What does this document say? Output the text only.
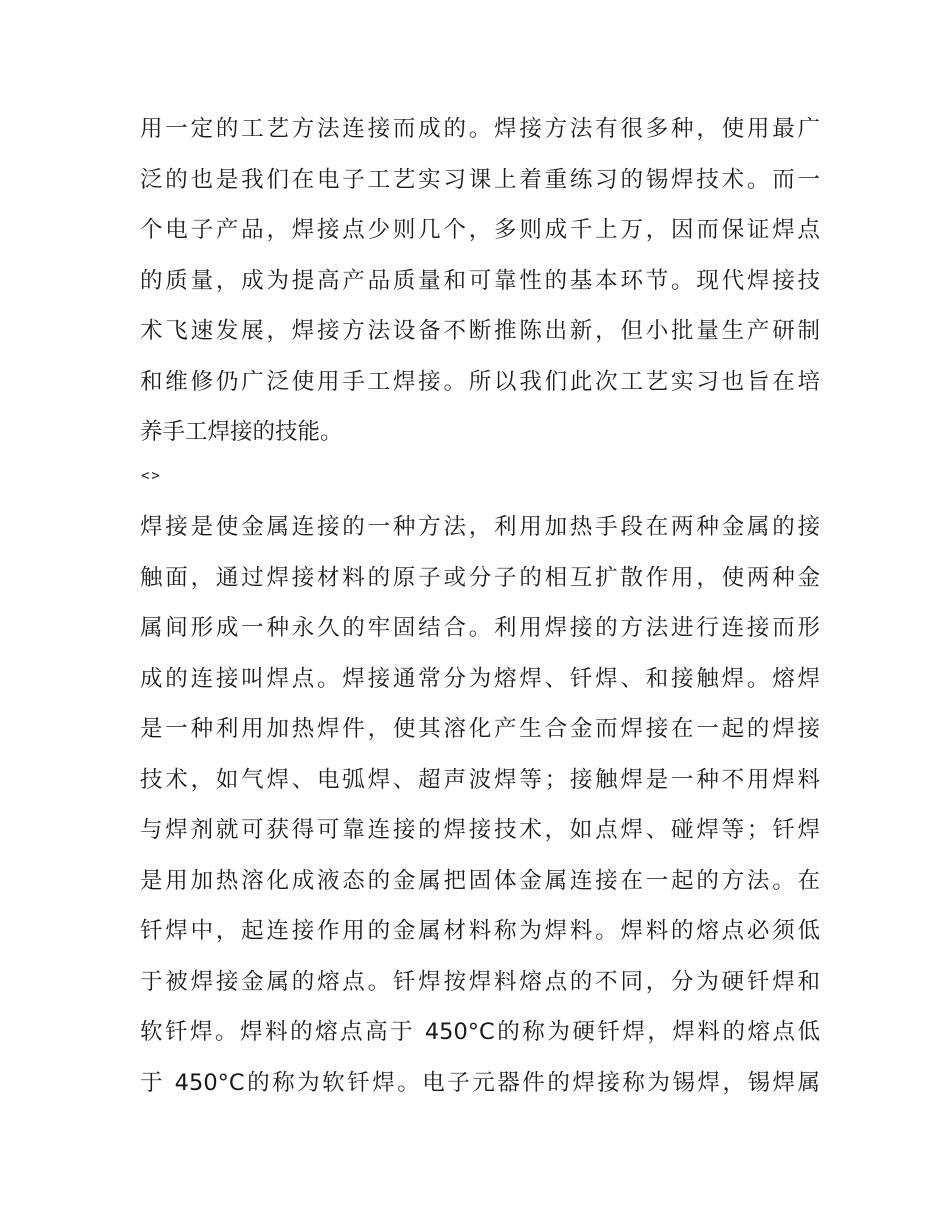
用一定的工艺方法连接而成的。焊接方法有很多种，使用最广
泛的也是我们在电子工艺实习课上着重练习的锡焊技术。而一
个电子产品，焊接点少则几个，多则成千上万，因而保证焊点
的质量，成为提高产品质量和可靠性的基本环节。现代焊接技
术飞速发展，焊接方法设备不断推陈出新，但小批量生产研制
和维修仍广泛使用手工焊接。所以我们此次工艺实习也旨在培
养手工焊接的技能。
<>
焊接是使金属连接的一种方法，利用加热手段在两种金属的接
触面，通过焊接材料的原子或分子的相互扩散作用，使两种金
属间形成一种永久的牢固结合。利用焊接的方法进行连接而形
成的连接叫焊点。焊接通常分为熔焊、钎焊、和接触焊。熔焊
是一种利用加热焊件，使其溶化产生合金而焊接在一起的焊接
技术，如气焊、电弧焊、超声波焊等；接触焊是一种不用焊料
与焊剂就可获得可靠连接的焊接技术，如点焊、碰焊等；钎焊
是用加热溶化成液态的金属把固体金属连接在一起的方法。在
钎焊中，起连接作用的金属材料称为焊料。焊料的熔点必须低
于被焊接金属的熔点。钎焊按焊料熔点的不同，分为硬钎焊和
软钎焊。焊料的熔点高于 450°C的称为硬钎焊，焊料的熔点低
于 450°C的称为软钎焊。电子元器件的焊接称为锡焊，锡焊属
